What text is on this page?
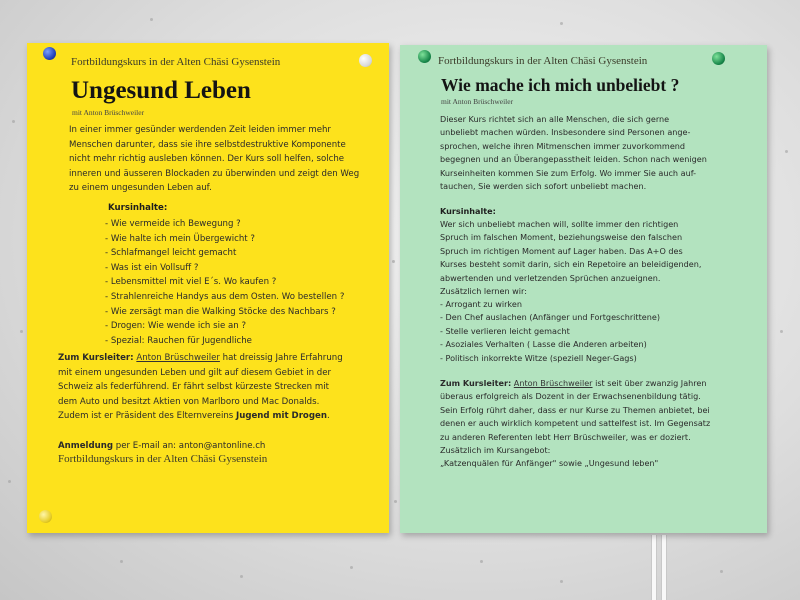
Fortbildungskurs in der Alten Chäsi Gysenstein
Ungesund Leben
mit Anton Brüschweiler

In einer immer gesünder werdenden Zeit leiden immer mehr

Menschen darunter, dass sie ihre selbstdestruktive Komponente

nicht mehr richtig ausleben können. Der Kurs soll helfen, solche

inneren und äusseren Blockaden zu überwinden und zeigt den Weg

zu einem ungesunden Leben auf.

Kursinhalte:
- Wie vermeide ich Bewegung ?
- Wie halte ich mein Übergewicht ?
- Schlafmangel leicht gemacht
- Was ist ein Vollsuff ?
- Lebensmittel mit viel E´s. Wo kaufen ?
- Strahlenreiche Handys aus dem Osten. Wo bestellen ?
- Wie zersägt man die Walking Stöcke des Nachbars ?
- Drogen: Wie wende ich sie an ?
- Spezial: Rauchen für Jugendliche

Zum Kursleiter: Anton Brüschweiler hat dreissig Jahre Erfahrung

mit einem ungesunden Leben und gilt auf diesem Gebiet in der

Schweiz als federführend. Er fährt selbst kürzeste Strecken mit

dem Auto und besitzt Aktien von Marlboro und Mac Donalds.

Zudem ist er Präsident des Elternvereins Jugend mit Drogen.

Anmeldung per E-mail an: anton@antonline.ch

Fortbildungskurs in der Alten Chäsi Gysenstein
Fortbildungskurs in der Alten Chäsi Gysenstein
Wie mache ich mich unbeliebt ?
mit Anton Brüschweiler

Dieser Kurs richtet sich an alle Menschen, die sich gerne

unbeliebt machen würden. Insbesondere sind Personen ange-

sprochen, welche ihren Mitmenschen immer zuvorkommend

begegnen und an Überangepasstheit leiden. Schon nach wenigen

Kurseinheiten kommen Sie zum Erfolg. Wo immer Sie auch auf-

tauchen, Sie werden sich sofort unbeliebt machen.

Kursinhalte:

Wer sich unbeliebt machen will, sollte immer den richtigen

Spruch im falschen Moment, beziehungsweise den falschen

Spruch im richtigen Moment auf Lager haben. Das A+O des

Kurses besteht somit darin, sich ein Repetoire an beleidigenden,

abwertenden und verletzenden Sprüchen anzueignen.

Zusätzlich lernen wir:

- Arrogant zu wirken
- Den Chef auslachen (Anfänger und Fortgeschrittene)
- Stelle verlieren leicht gemacht
- Asoziales Verhalten ( Lasse die Anderen arbeiten)
- Politisch inkorrekte Witze (speziell Neger-Gags)

Zum Kursleiter: Anton Brüschweiler ist seit über zwanzig Jahren

überaus erfolgreich als Dozent in der Erwachsenenbildung tätig.

Sein Erfolg rührt daher, dass er nur Kurse zu Themen anbietet, bei

denen er auch wirklich kompetent und sattelfest ist. Im Gegensatz

zu anderen Referenten lebt Herr Brüschweiler, was er doziert.

Zusätzlich im Kursangebot:

„Katzenquälen für Anfänger" sowie „Ungesund leben"
